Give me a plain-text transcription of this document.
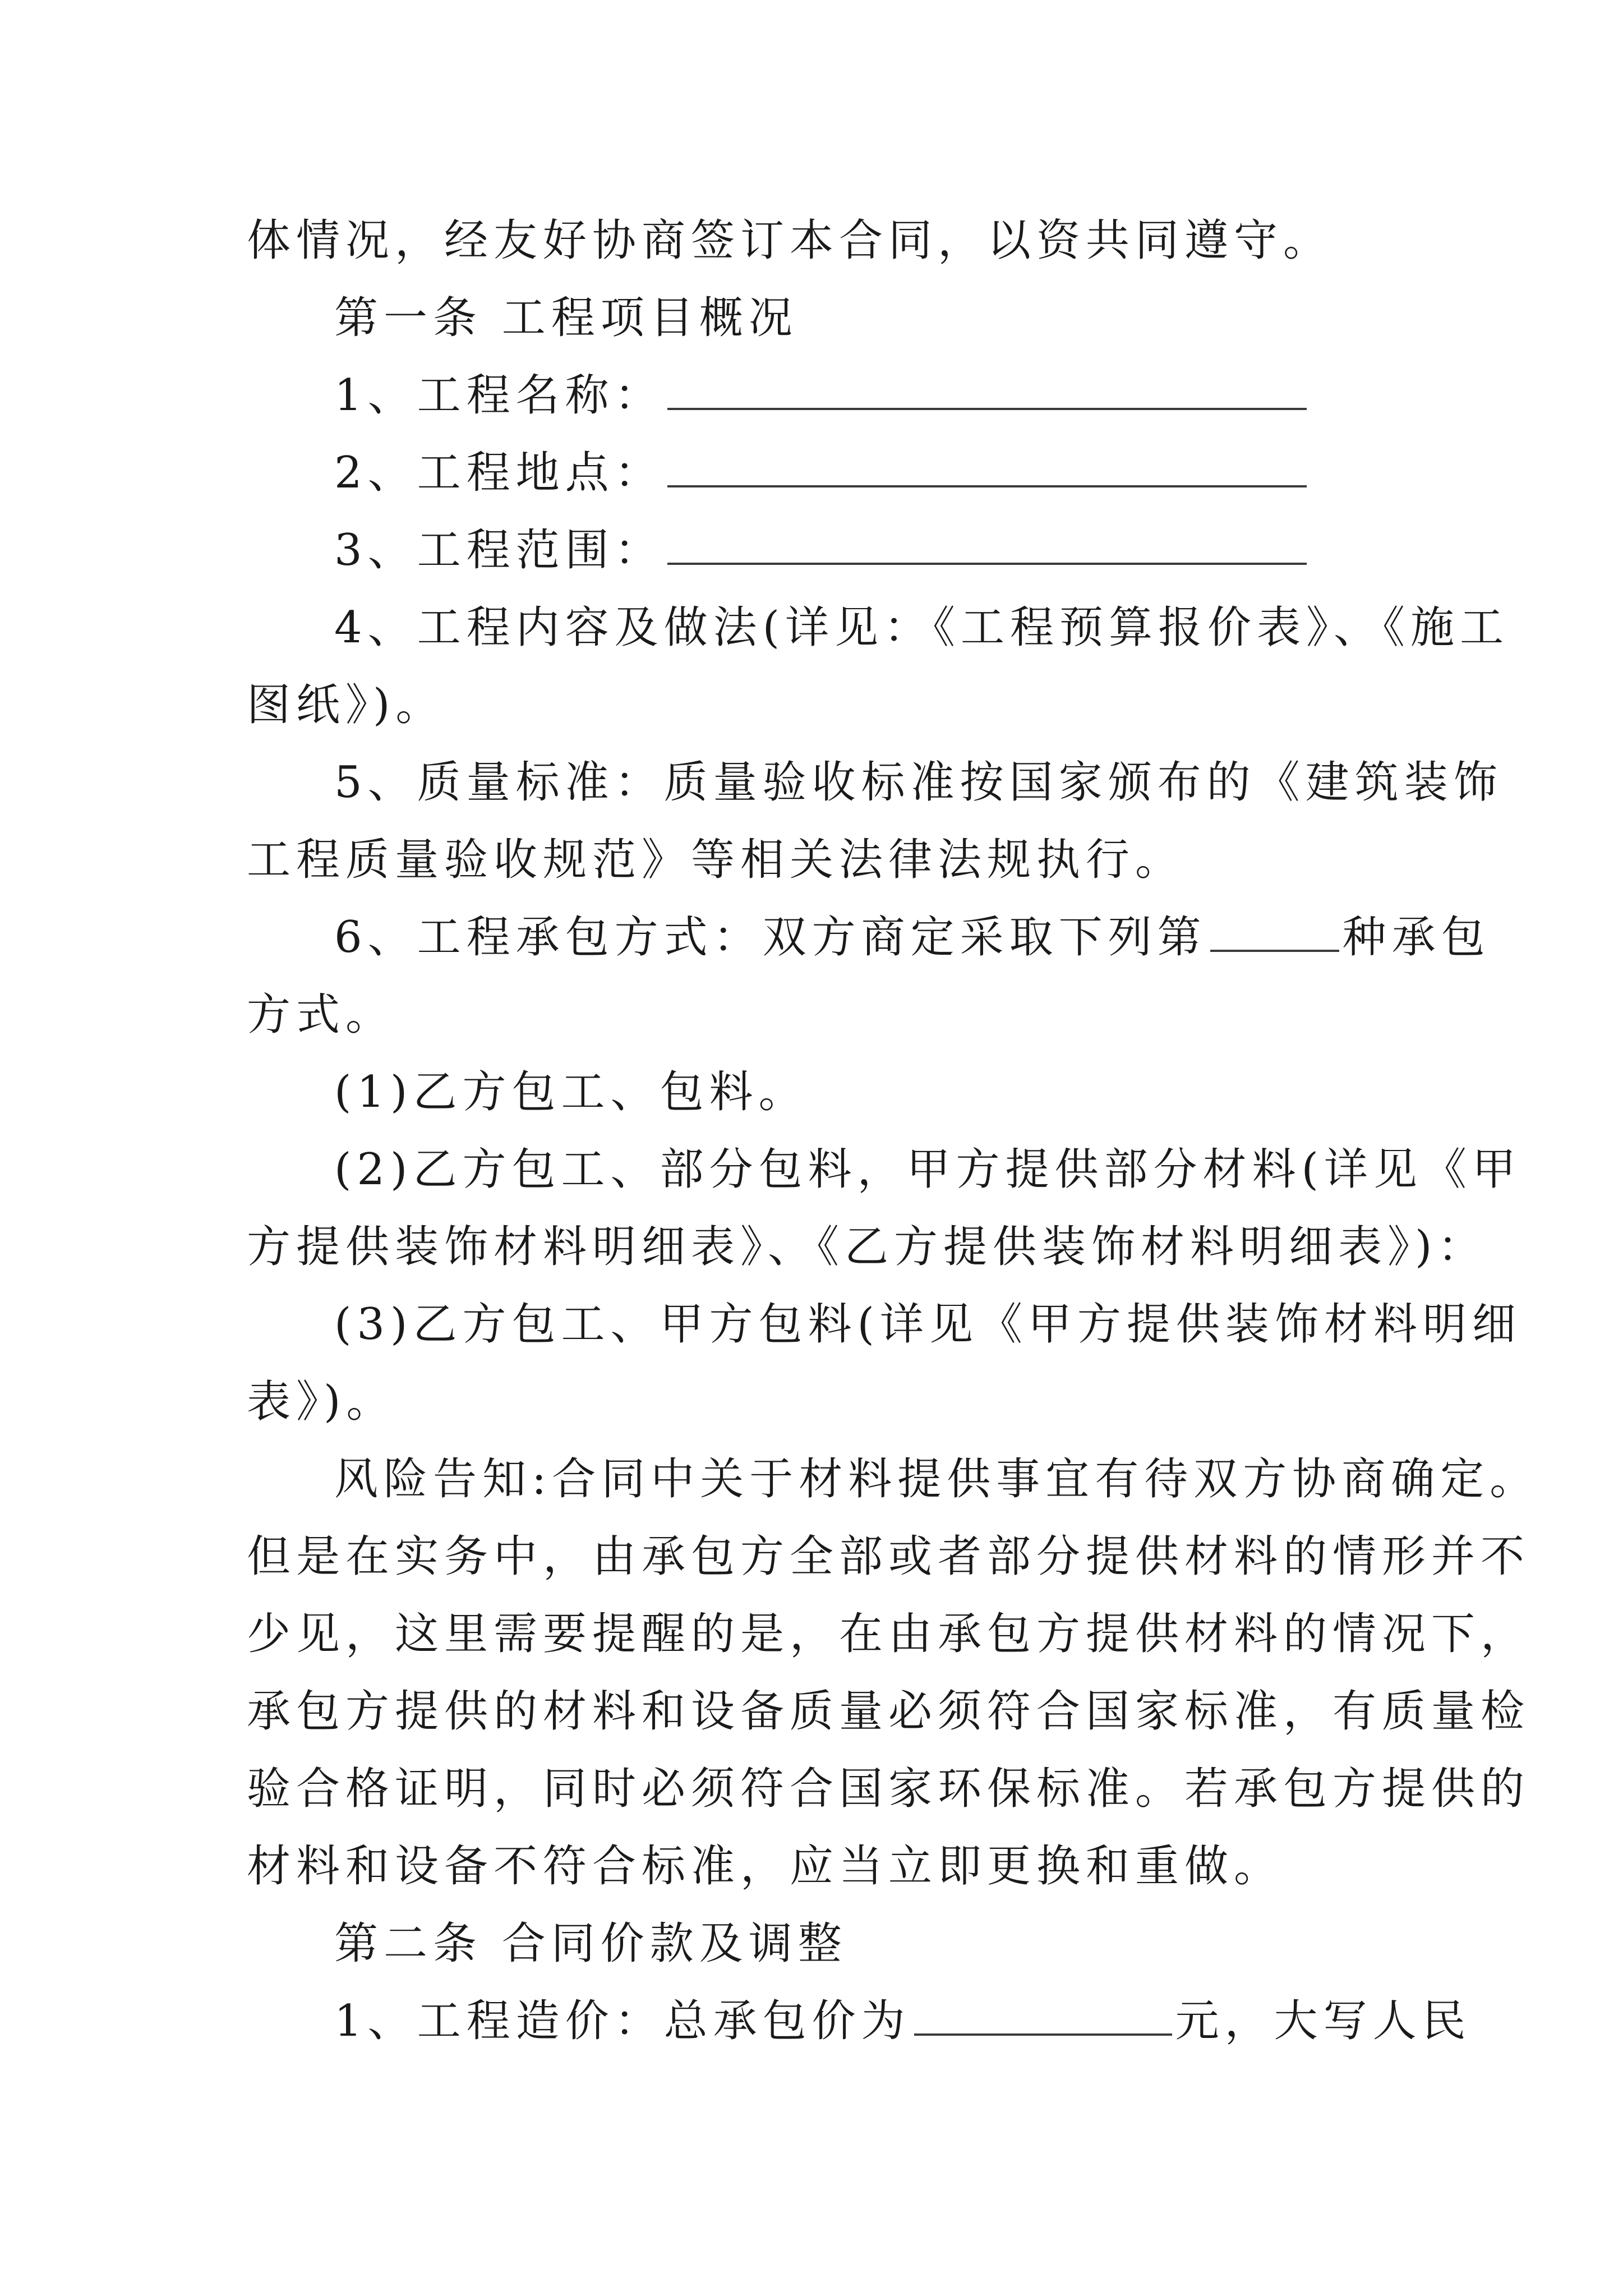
体情况，经友好协商签订本合同，以资共同遵守。
第一条 工程项目概况
1、工程名称：
2、工程地点：
3、工程范围：
4、工程内容及做法(详见：《工程预算报价表》、《施工
图纸》)。
5、质量标准：质量验收标准按国家颁布的《建筑装饰
工程质量验收规范》等相关法律法规执行。
6、工程承包方式：双方商定采取下列第	种承包
方式。
(1)乙方包工、包料。
(2)乙方包工、部分包料，甲方提供部分材料(详见《甲
方提供装饰材料明细表》、《乙方提供装饰材料明细表》)：
(3)乙方包工、甲方包料(详见《甲方提供装饰材料明细
表》)。
风险告知:合同中关于材料提供事宜有待双方协商确定。
但是在实务中，由承包方全部或者部分提供材料的情形并不
少见，这里需要提醒的是，在由承包方提供材料的情况下，
承包方提供的材料和设备质量必须符合国家标准，有质量检
验合格证明，同时必须符合国家环保标准。若承包方提供的
材料和设备不符合标准，应当立即更换和重做。
第二条 合同价款及调整
1、工程造价：总承包价为	元，大写人民
